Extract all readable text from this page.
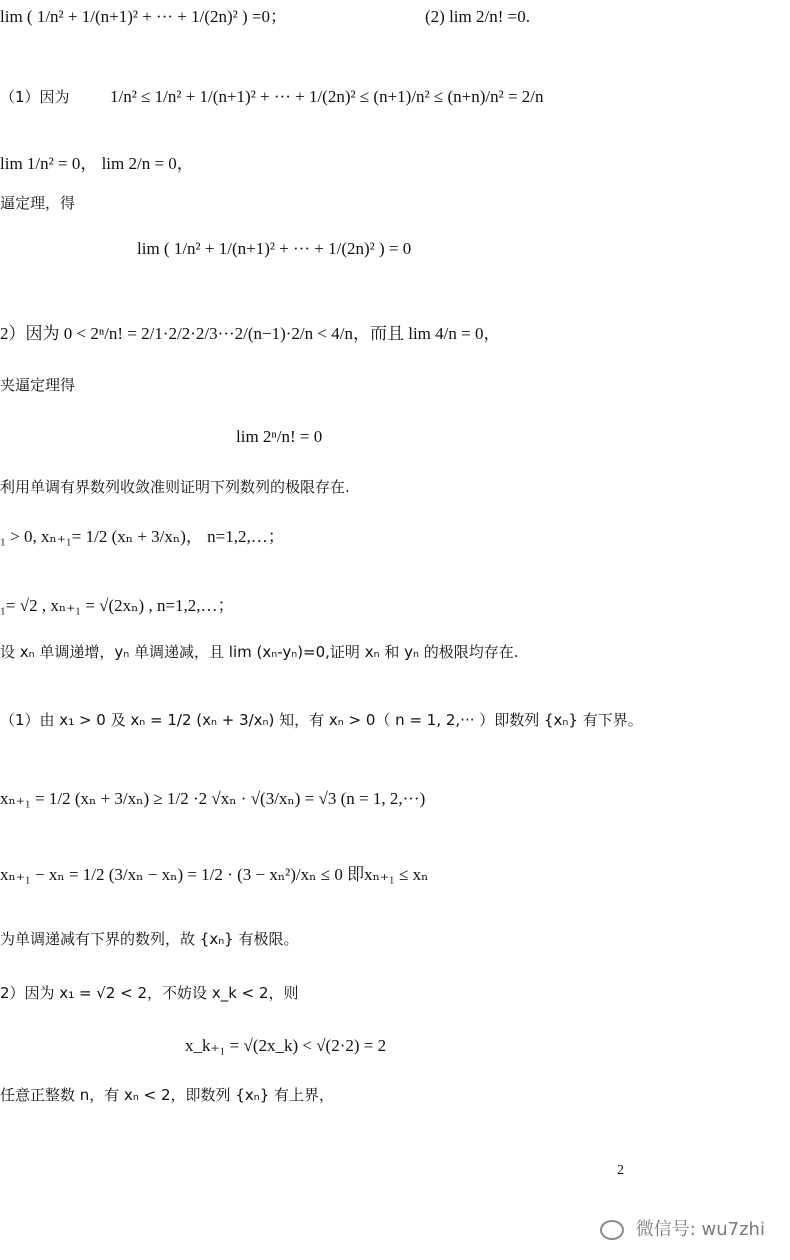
lim ( 1/n² + 1/(n+1)² + ··· + 1/(2n)² ) =0；	(2) lim 2/n! =0.
（1）因为 1/n² ≤ 1/n² + 1/(n+1)² + ··· + 1/(2n)² ≤ (n+1)/n² ≤ (n+n)/n² = 2/n
lim 1/n² = 0， lim 2/n = 0，
逼定理，得
lim ( 1/n² + 1/(n+1)² + ··· + 1/(2n)² ) = 0
2）因为 0 < 2ⁿ/n! = 2/1·2/2·2/3···2/(n−1)·2/n < 4/n，而且 lim 4/n = 0，
夹逼定理得
lim 2ⁿ/n! = 0
利用单调有界数列收敛准则证明下列数列的极限存在.
₁ > 0, xₙ₊₁= 1/2 (xₙ + 3/xₙ)， n=1,2,…；
₁= √2 , xₙ₊₁ = √(2xₙ) , n=1,2,…；
设 xₙ 单调递增，yₙ 单调递减，且 lim (xₙ-yₙ)=0,证明 xₙ 和 yₙ 的极限均存在.
（1）由 x₁ > 0 及 xₙ = 1/2 (xₙ + 3/xₙ) 知，有 xₙ > 0（ n = 1, 2,··· ）即数列 {xₙ} 有下界。
xₙ₊₁ = 1/2 (xₙ + 3/xₙ) ≥ 1/2 ·2 √xₙ · √(3/xₙ) = √3 (n = 1, 2,···)
xₙ₊₁ − xₙ = 1/2 (3/xₙ − xₙ) = 1/2 · (3 − xₙ²)/xₙ ≤ 0 即xₙ₊₁ ≤ xₙ
为单调递减有下界的数列，故 {xₙ} 有极限。
2）因为 x₁ = √2 < 2，不妨设 x_k < 2，则
x_k₊₁ = √(2x_k) < √(2·2) = 2
任意正整数 n，有 xₙ < 2，即数列 {xₙ} 有上界，
2
微信号: wu7zhi
